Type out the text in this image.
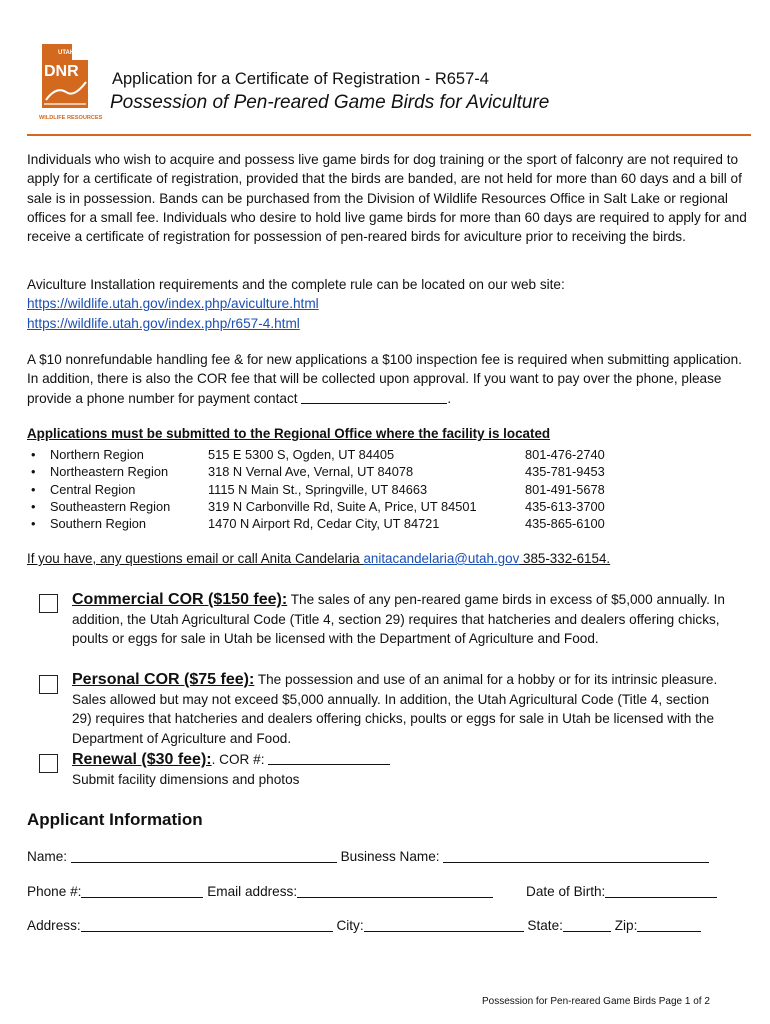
UTAH
DNR
WILDLIFE RESOURCES
Application for a Certificate of Registration - R657-4
Possession of Pen-reared Game Birds for Aviculture

Individuals who wish to acquire and possess live game birds for dog training or the sport of falconry are not required to apply for a certificate of registration, provided that the birds are banded, are not held for more than 60 days and a bill of sale is in possession. Bands can be purchased from the Division of Wildlife Resources Office in Salt Lake or regional offices for a small fee. Individuals who desire to hold live game birds for more than 60 days are required to apply for and receive a certificate of registration for possession of pen-reared birds for aviculture prior to receiving the birds.

Aviculture Installation requirements and the complete rule can be located on our web site:

https://wildlife.utah.gov/index.php/aviculture.html

https://wildlife.utah.gov/index.php/r657-4.html

A $10 nonrefundable handling fee & for new applications a $100 inspection fee is required when submitting application. In addition, there is also the COR fee that will be collected upon approval. If you want to pay over the phone, please provide a phone number for payment contact	.

Applications must be submitted to the Regional Office where the facility is located
• Northern Region	515 E 5300 S, Ogden, UT 84405	801-476-2740
• Northeastern Region	318 N Vernal Ave, Vernal, UT 84078	435-781-9453
• Central Region	1115 N Main St., Springville, UT 84663	801-491-5678
• Southeastern Region	319 N Carbonville Rd, Suite A, Price, UT 84501	435-613-3700
• Southern Region	1470 N Airport Rd, Cedar City, UT 84721	435-865-6100
If you have, any questions email or call Anita Candelaria anitacandelaria@utah.gov 385-332-6154.
Commercial COR ($150 fee): The sales of any pen-reared game birds in excess of $5,000 annually. In addition, the Utah Agricultural Code (Title 4, section 29) requires that hatcheries and dealers offering chicks, poults or eggs for sale in Utah be licensed with the Department of Agriculture and Food.
Personal COR ($75 fee): The possession and use of an animal for a hobby or for its intrinsic pleasure. Sales allowed but may not exceed $5,000 annually. In addition, the Utah Agricultural Code (Title 4, section 29) requires that hatcheries and dealers offering chicks, poults or eggs for sale in Utah be licensed with the Department of Agriculture and Food.
Renewal ($30 fee):. COR #:
Submit facility dimensions and photos
Applicant Information
Name:	Business Name:
Phone #:	Email address:	Date of Birth:
Address:	City:	State:	Zip:
Possession for Pen-reared Game Birds Page 1 of 2
